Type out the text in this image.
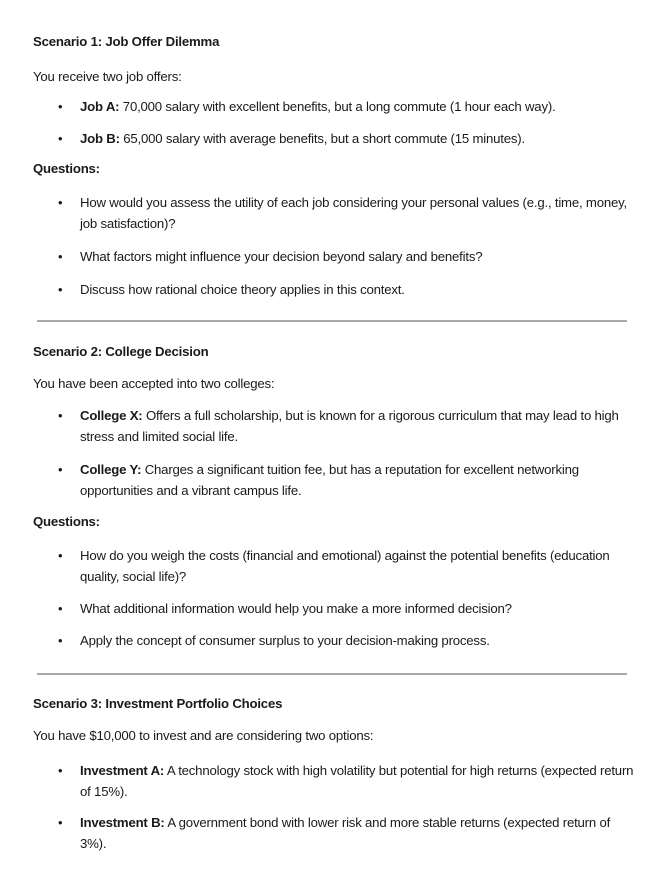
Scenario 1: Job Offer Dilemma
You receive two job offers:
•	Job A: 70,000 salary with excellent benefits, but a long commute (1 hour each way).
•	Job B: 65,000 salary with average benefits, but a short commute (15 minutes).
Questions:
•	How would you assess the utility of each job considering your personal values (e.g., time, money, job satisfaction)?
•	What factors might influence your decision beyond salary and benefits?
•	Discuss how rational choice theory applies in this context.
Scenario 2: College Decision
You have been accepted into two colleges:
•	College X: Offers a full scholarship, but is known for a rigorous curriculum that may lead to high stress and limited social life.
•	College Y: Charges a significant tuition fee, but has a reputation for excellent networking opportunities and a vibrant campus life.
Questions:
•	How do you weigh the costs (financial and emotional) against the potential benefits (education quality, social life)?
•	What additional information would help you make a more informed decision?
•	Apply the concept of consumer surplus to your decision-making process.
Scenario 3: Investment Portfolio Choices
You have $10,000 to invest and are considering two options:
•	Investment A: A technology stock with high volatility but potential for high returns (expected return of 15%).
•	Investment B: A government bond with lower risk and more stable returns (expected return of 3%).
